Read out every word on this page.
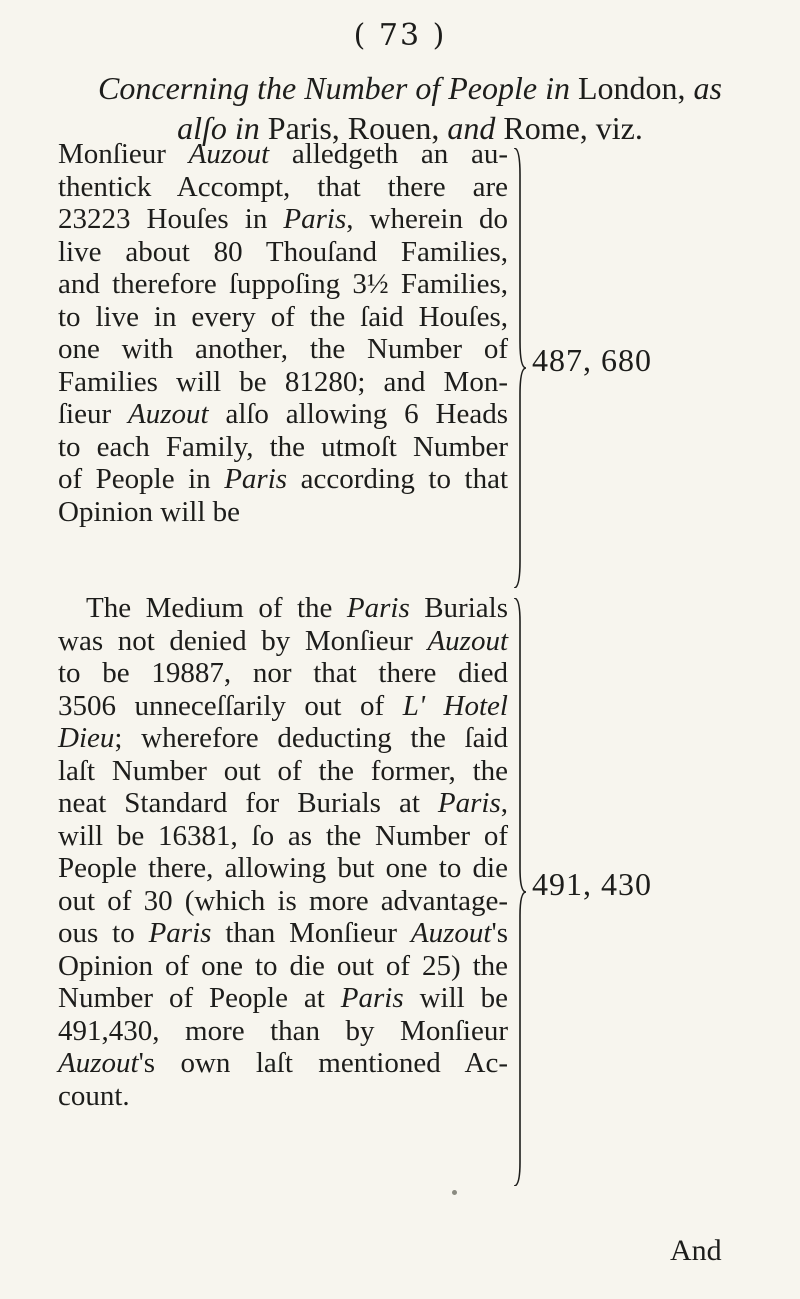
( 73 )
Concerning the Number of People in London, as
alſo in Paris, Rouen, and Rome, viz.
Monſieur Auzout alledgeth an au-
thentick Accompt, that there are
23223 Houſes in Paris, wherein do
live about 80 Thouſand Families,
and therefore ſuppoſing 3½ Families,
to live in every of the ſaid Houſes,
one with another, the Number of
Families will be 81280; and Mon-
ſieur Auzout alſo allowing 6 Heads
to each Family, the utmoſt Number
of People in Paris according to that
Opinion will be
487, 680
The Medium of the Paris Burials
was not denied by Monſieur Auzout
to be 19887, nor that there died
3506 unneceſſarily out of L' Hotel
Dieu; wherefore deducting the ſaid
laſt Number out of the former, the
neat Standard for Burials at Paris,
will be 16381, ſo as the Number of
People there, allowing but one to die
out of 30 (which is more advantage-
ous to Paris than Monſieur Auzout's
Opinion of one to die out of 25) the
Number of People at Paris will be
491,430, more than by Monſieur
Auzout's own laſt mentioned Ac-
count.
491, 430
And
